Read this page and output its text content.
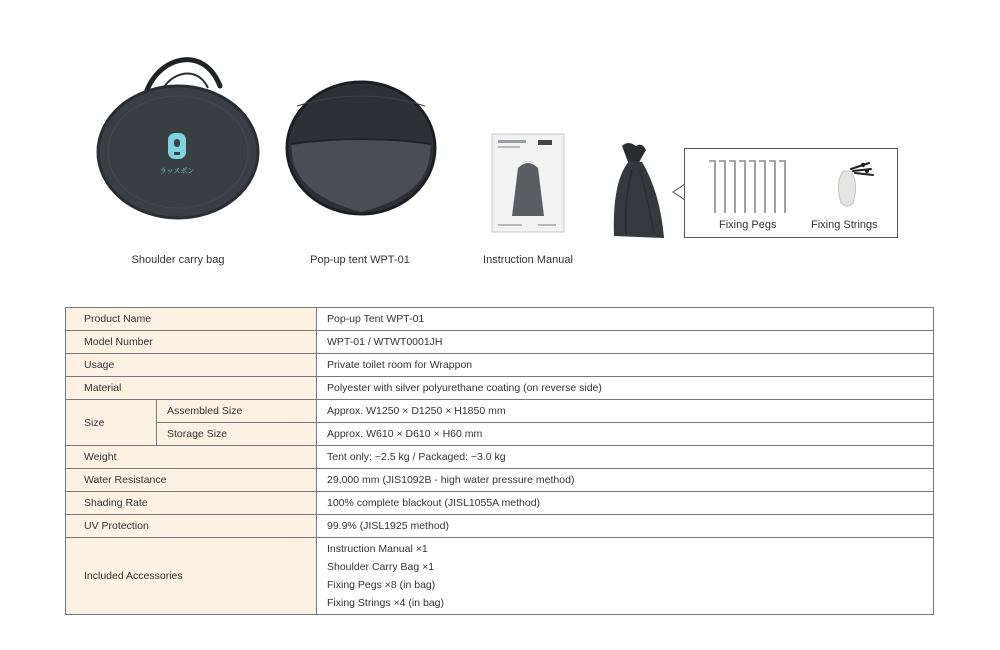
ラッスポン
Shoulder carry bag	Pop-up tent WPT-01	Instruction Manual
Fixing Pegs	Fixing Strings
Product Name		Pop-up Tent WPT-01
Model Number		WPT-01 / WTWT0001JH
Usage		Private toilet room for Wrappon
Material		Polyester with silver polyurethane coating (on reverse side)
Size	Assembled Size	Approx. W1250 × D1250 × H1850 mm
	Storage Size	Approx. W610 × D610 × H60 mm
Weight		Tent only: ~2.5 kg / Packaged: ~3.0 kg
Water Resistance		29,000 mm (JIS1092B - high water pressure method)
Shading Rate		100% complete blackout (JISL1055A method)
UV Protection		99.9% (JISL1925 method)
Included Accessories		Instruction Manual ×1
Shoulder Carry Bag ×1
Fixing Pegs ×8 (in bag)
Fixing Strings ×4 (in bag)
